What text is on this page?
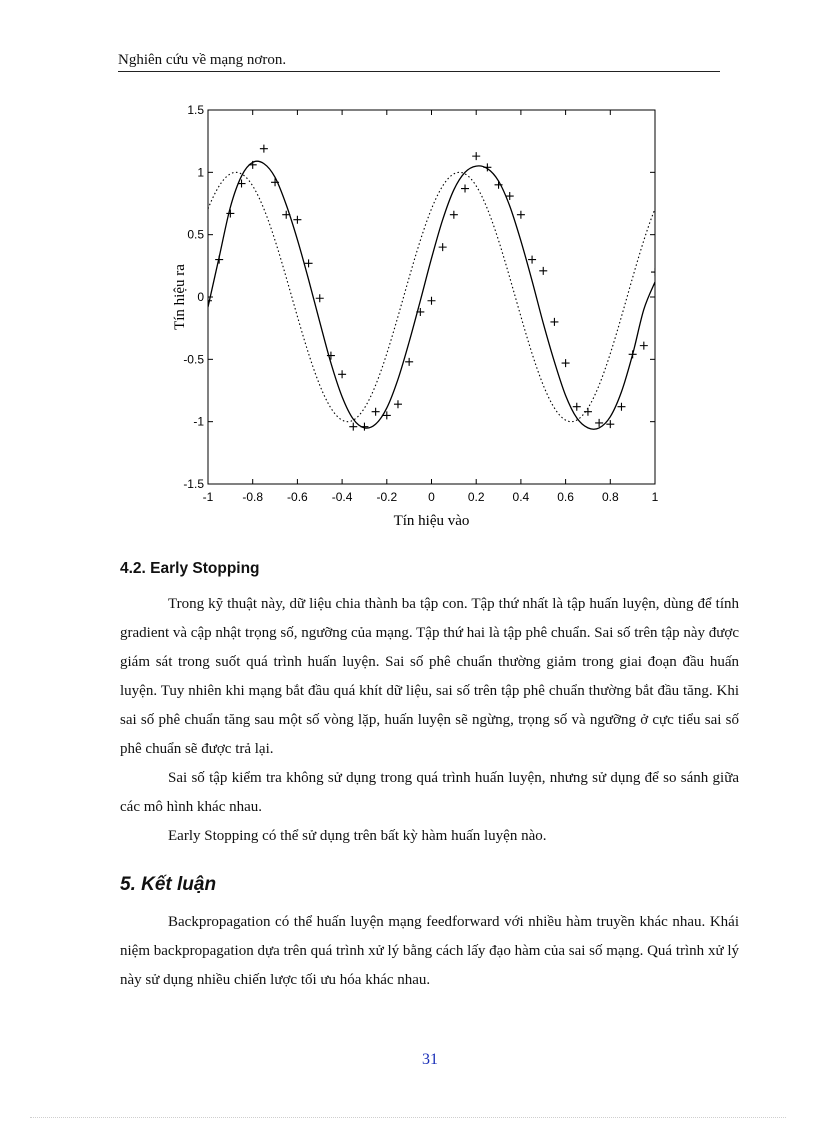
Nghiên cứu về mạng nơron.
-1 -0.8 -0.6 -0.4 -0.2	0	0.2 0.4 0.6 0.8	1
-1.5
-1
-0.5
0
0.5
1
1.5
Tín hiệu vào
Tín hiệu ra
4.2. Early Stopping

Trong kỹ thuật này, dữ liệu chia thành ba tập con. Tập thứ nhất là tập huấn luyện, dùng để tính gradient và cập nhật trọng số, ngưỡng của mạng. Tập thứ hai là tập phê chuẩn. Sai số trên tập này được giám sát trong suốt quá trình huấn luyện. Sai số phê chuẩn thường giảm trong giai đoạn đầu huấn luyện. Tuy nhiên khi mạng bắt đầu quá khít dữ liệu, sai số trên tập phê chuẩn thường bắt đầu tăng. Khi sai số phê chuẩn tăng sau một số vòng lặp, huấn luyện sẽ ngừng, trọng số và ngưỡng ở cực tiểu sai số phê chuẩn sẽ được trả lại.

Sai số tập kiểm tra không sử dụng trong quá trình huấn luyện, nhưng sử dụng để so sánh giữa các mô hình khác nhau.

Early Stopping có thể sử dụng trên bất kỳ hàm huấn luyện nào.

5. Kết luận

Backpropagation có thể huấn luyện mạng feedforward với nhiều hàm truyền khác nhau. Khái niệm backpropagation dựa trên quá trình xử lý bằng cách lấy đạo hàm của sai số mạng. Quá trình xử lý này sử dụng nhiều chiến lược tối ưu hóa khác nhau.

31
